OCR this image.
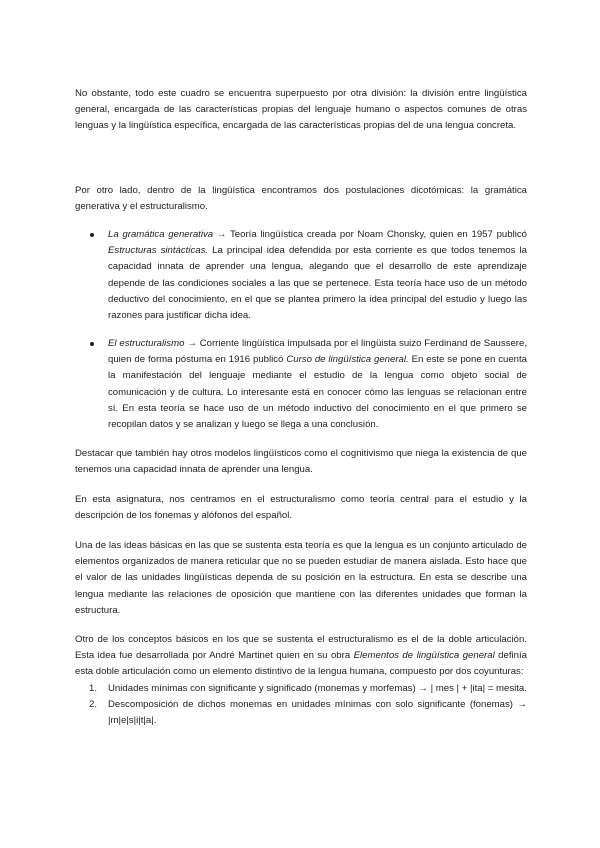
No obstante, todo este cuadro se encuentra superpuesto por otra división: la división entre lingüística general, encargada de las características propias del lenguaje humano o aspectos comunes de otras lenguas y la lingüística específica, encargada de las características propias del de una lengua concreta.

Por otro lado, dentro de la lingüística encontramos dos postulaciones dicotómicas: la gramática generativa y el estructuralismo.

La gramática generativa → Teoría lingüística creada por Noam Chonsky, quien en 1957 publicó Estructuras sintácticas. La principal idea defendida por esta corriente es que todos tenemos la capacidad innata de aprender una lengua, alegando que el desarrollo de este aprendizaje depende de las condiciones sociales a las que se pertenece. Esta teoría hace uso de un método deductivo del conocimiento, en el que se plantea primero la idea principal del estudio y luego las razones para justificar dicha idea.
El estructuralismo → Corriente lingüística impulsada por el lingüista suizo Ferdinand de Saussere, quien de forma póstuma en 1916 publicó Curso de lingüística general. En este se pone en cuenta la manifestación del lenguaje mediante el estudio de la lengua como objeto social de comunicación y de cultura. Lo interesante está en conocer cómo las lenguas se relacionan entre sí. En esta teoría se hace uso de un método inductivo del conocimiento en el que primero se recopilan datos y se analizan y luego se llega a una conclusión.

Destacar que también hay otros modelos lingüísticos como el cognitivismo que niega la existencia de que tenemos una capacidad innata de aprender una lengua.

En esta asignatura, nos centramos en el estructuralismo como teoría central para el estudio y la descripción de los fonemas y alófonos del español.

Una de las ideas básicas en las que se sustenta esta teoría es que la lengua es un conjunto articulado de elementos organizados de manera reticular que no se pueden estudiar de manera aislada. Esto hace que el valor de las unidades lingüísticas dependa de su posición en la estructura. En esta se describe una lengua mediante las relaciones de oposición que mantiene con las diferentes unidades que forman la estructura.

Otro de los conceptos básicos en los que se sustenta el estructuralismo es el de la doble articulación. Esta idea fue desarrollada por André Martinet quien en su obra Elementos de lingüística general definía esta doble articulación como un elemento distintivo de la lengua humana, compuesto por dos coyunturas:

1. Unidades mínimas con significante y significado (monemas y morfemas) → | mes | + |ita| = mesita.
2. Descomposición de dichos monemas en unidades mínimas con solo significante (fonemas) → |m|e|s|i|t|a|.
